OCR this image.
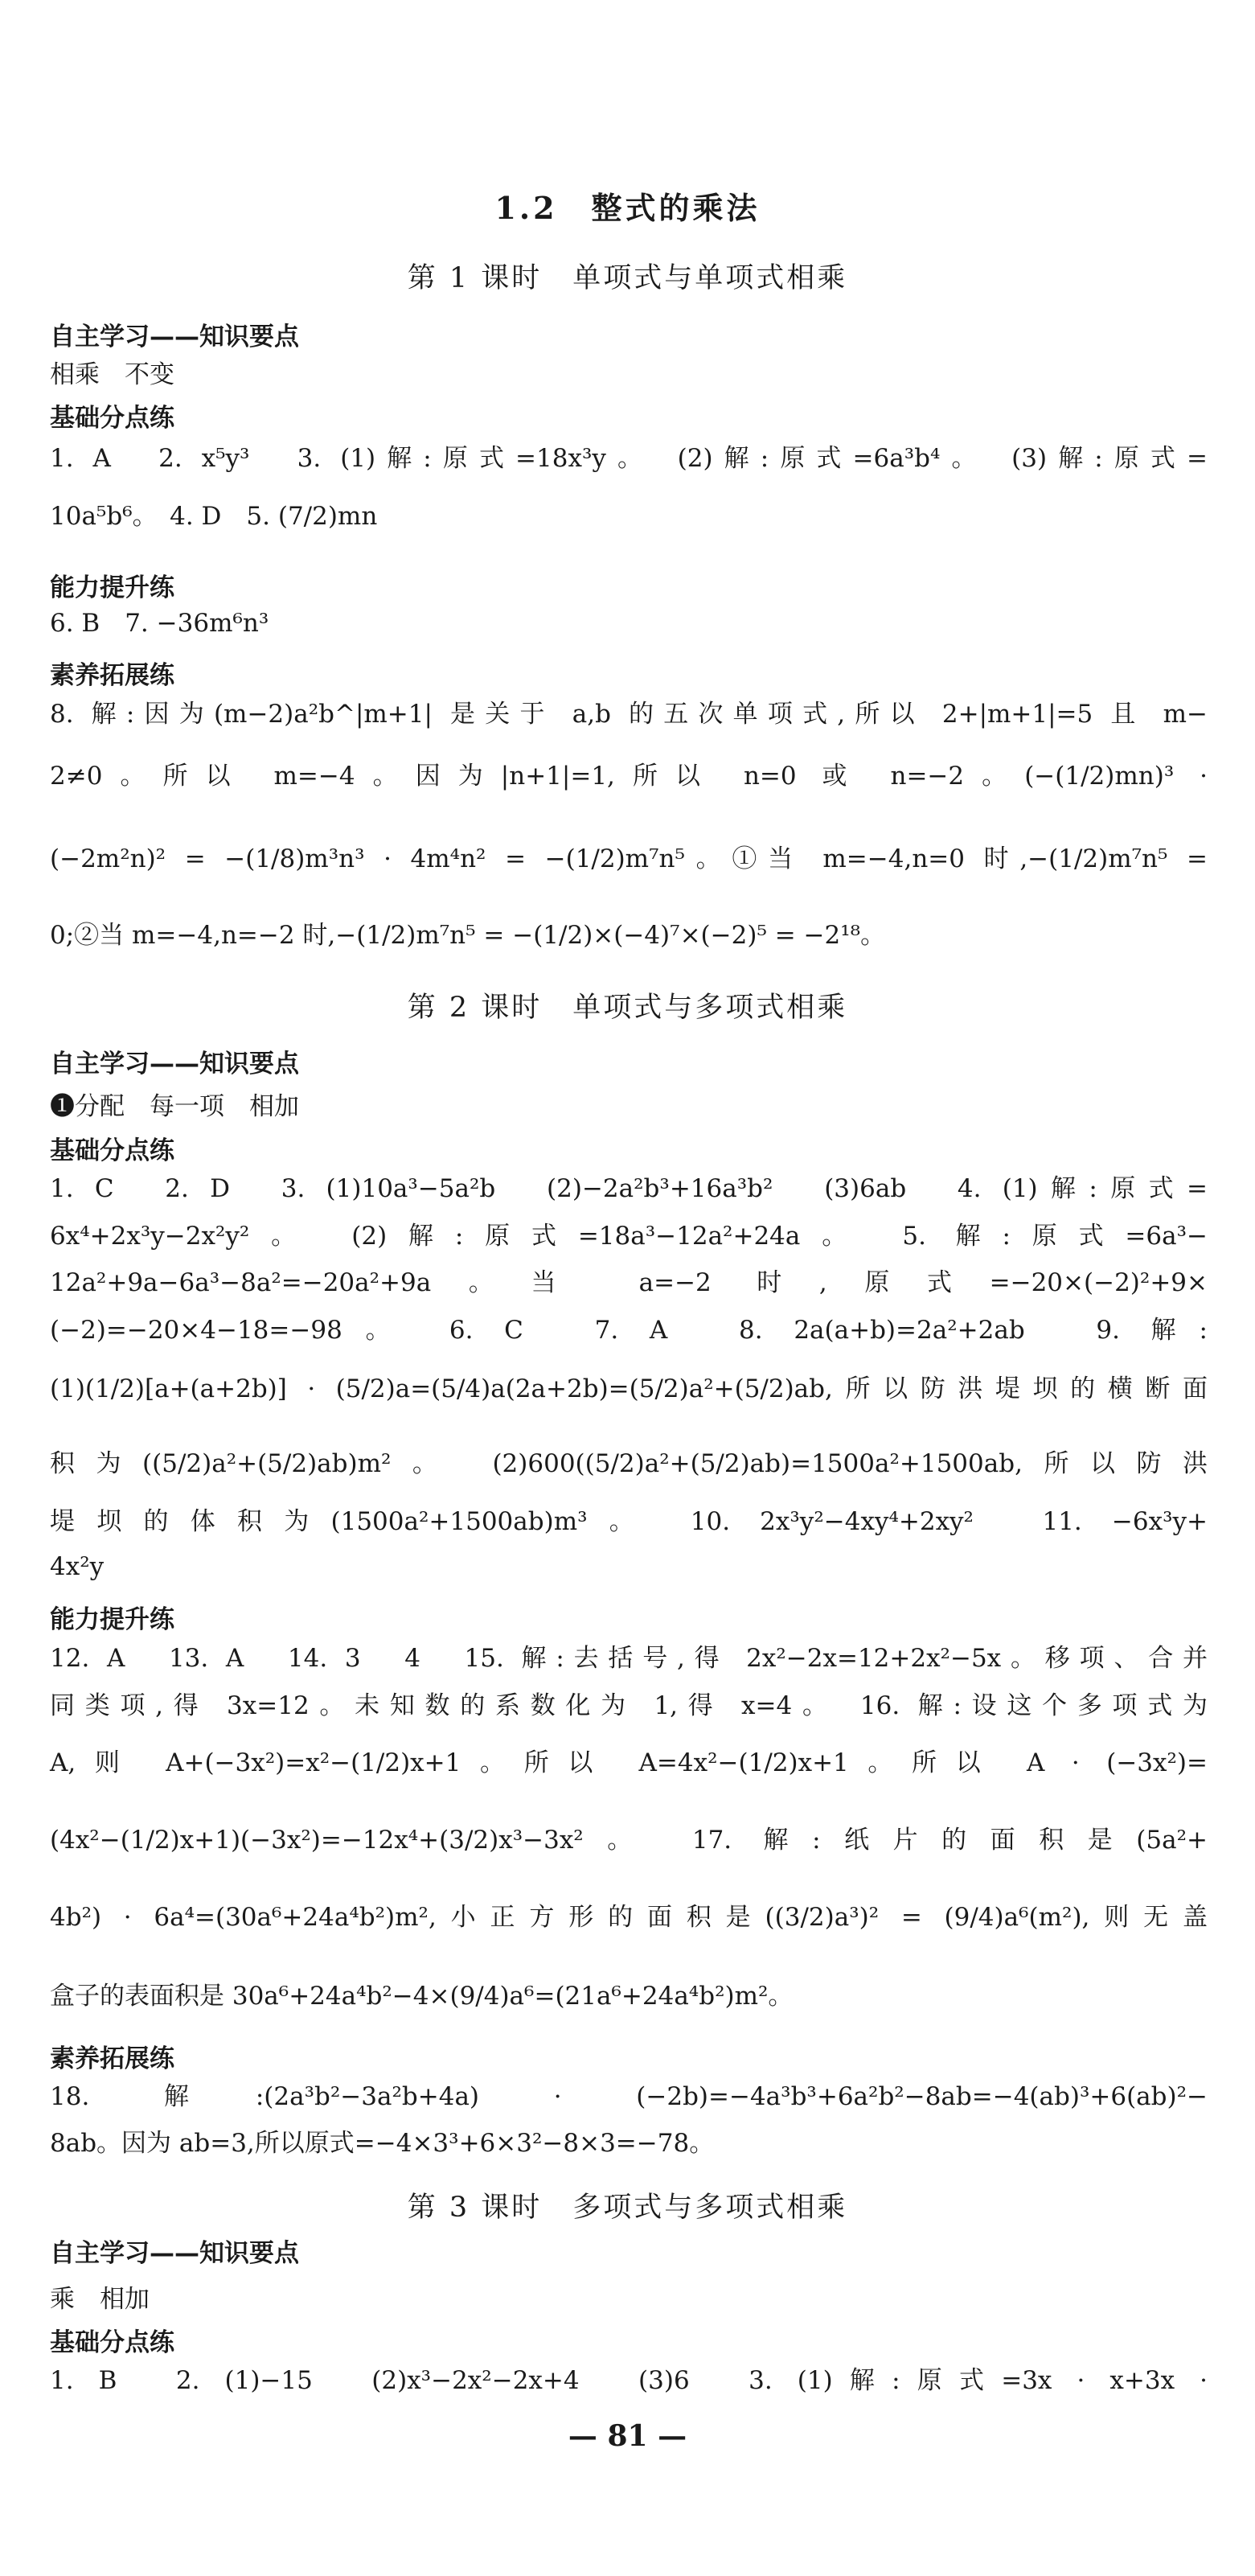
1.2　整式的乘法
第 1 课时　单项式与单项式相乘
自主学习——知识要点
相乘　不变
基础分点练
1. A　2. x⁵y³　3. (1)解:原式=18x³y。　(2)解:原式=6a³b⁴。　(3)解:原式=
10a⁵b⁶。　4. D　5. (7/2)mn
能力提升练
6. B　7. −36m⁶n³
素养拓展练
8. 解:因为(m−2)a²b^|m+1| 是关于 a,b 的五次单项式,所以 2+|m+1|=5 且 m−
2≠0。所以 m=−4。因为|n+1|=1,所以 n=0 或 n=−2。(−(1/2)mn)³ ·
(−2m²n)² = −(1/8)m³n³ · 4m⁴n² = −(1/2)m⁷n⁵。①当 m=−4,n=0 时,−(1/2)m⁷n⁵ =
0;②当 m=−4,n=−2 时,−(1/2)m⁷n⁵ = −(1/2)×(−4)⁷×(−2)⁵ = −2¹⁸。
第 2 课时　单项式与多项式相乘
自主学习——知识要点
❶分配　每一项　相加
基础分点练
1. C　2. D　3. (1)10a³−5a²b　(2)−2a²b³+16a³b²　(3)6ab　4. (1)解:原式=
6x⁴+2x³y−2x²y²。　(2)解:原式=18a³−12a²+24a。　5. 解:原式=6a³−
12a²+9a−6a³−8a²=−20a²+9a。当 a=−2 时,原式=−20×(−2)²+9×
(−2)=−20×4−18=−98。　6. C　7. A　8. 2a(a+b)=2a²+2ab　9. 解:
(1)(1/2)[a+(a+2b)] · (5/2)a=(5/4)a(2a+2b)=(5/2)a²+(5/2)ab,所以防洪堤坝的横断面
积为((5/2)a²+(5/2)ab)m²。　(2)600((5/2)a²+(5/2)ab)=1500a²+1500ab,所以防洪
堤坝的体积为(1500a²+1500ab)m³。　10. 2x³y²−4xy⁴+2xy²　11. −6x³y+
4x²y
能力提升练
12. A　13. A　14. 3　4　15. 解:去括号,得 2x²−2x=12+2x²−5x。移项、合并
同类项,得 3x=12。未知数的系数化为 1,得 x=4。　16. 解:设这个多项式为
A,则 A+(−3x²)=x²−(1/2)x+1。所以 A=4x²−(1/2)x+1。所以 A · (−3x²)=
(4x²−(1/2)x+1)(−3x²)=−12x⁴+(3/2)x³−3x²。　17. 解:纸片的面积是(5a²+
4b²) · 6a⁴=(30a⁶+24a⁴b²)m²,小正方形的面积是((3/2)a³)² = (9/4)a⁶(m²),则无盖
盒子的表面积是 30a⁶+24a⁴b²−4×(9/4)a⁶=(21a⁶+24a⁴b²)m²。
素养拓展练
18. 解:(2a³b²−3a²b+4a) · (−2b)=−4a³b³+6a²b²−8ab=−4(ab)³+6(ab)²−
8ab。因为 ab=3,所以原式=−4×3³+6×3²−8×3=−78。
第 3 课时　多项式与多项式相乘
自主学习——知识要点
乘　相加
基础分点练
1. B　2. (1)−15　(2)x³−2x²−2x+4　(3)6　3. (1)解:原式=3x · x+3x ·
— 81 —
